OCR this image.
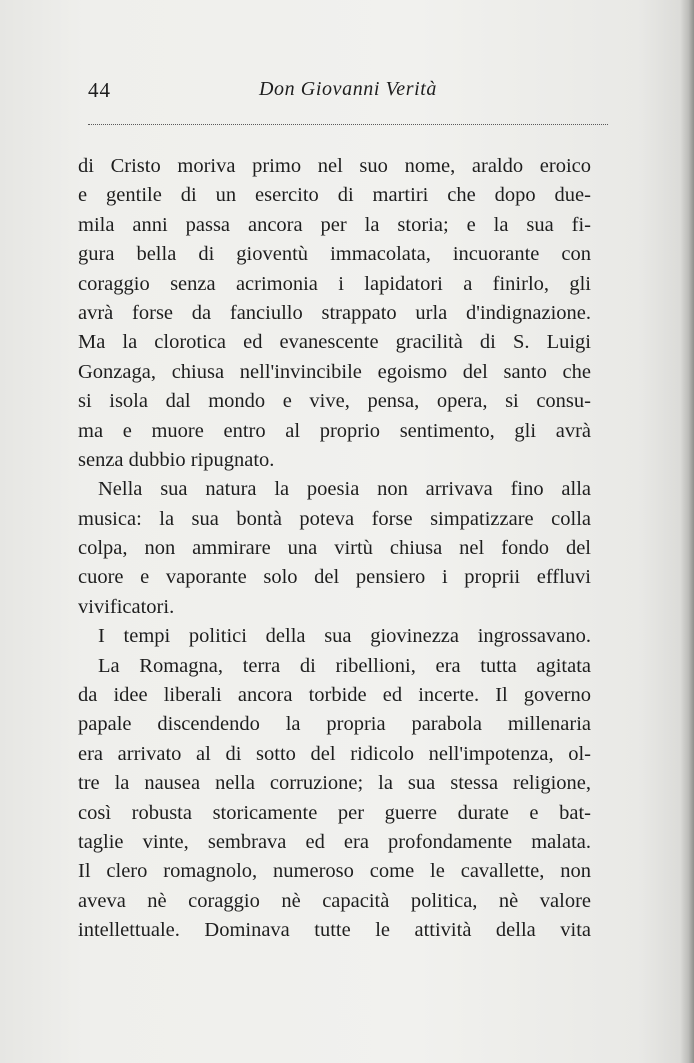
44	Don Giovanni Verità
di Cristo moriva primo nel suo nome, araldo eroico
e gentile di un esercito di martiri che dopo due-
mila anni passa ancora per la storia; e la sua fi-
gura bella di gioventù immacolata, incuorante con
coraggio senza acrimonia i lapidatori a finirlo, gli
avrà forse da fanciullo strappato urla d'indignazione.
Ma la clorotica ed evanescente gracilità di S. Luigi
Gonzaga, chiusa nell'invincibile egoismo del santo che
si isola dal mondo e vive, pensa, opera, si consu-
ma e muore entro al proprio sentimento, gli avrà
senza dubbio ripugnato.
Nella sua natura la poesia non arrivava fino alla
musica: la sua bontà poteva forse simpatizzare colla
colpa, non ammirare una virtù chiusa nel fondo del
cuore e vaporante solo del pensiero i proprii effluvi
vivificatori.
I tempi politici della sua giovinezza ingrossavano.
La Romagna, terra di ribellioni, era tutta agitata
da idee liberali ancora torbide ed incerte. Il governo
papale discendendo la propria parabola millenaria
era arrivato al di sotto del ridicolo nell'impotenza, ol-
tre la nausea nella corruzione; la sua stessa religione,
così robusta storicamente per guerre durate e bat-
taglie vinte, sembrava ed era profondamente malata.
Il clero romagnolo, numeroso come le cavallette, non
aveva nè coraggio nè capacità politica, nè valore
intellettuale. Dominava tutte le attività della vita
